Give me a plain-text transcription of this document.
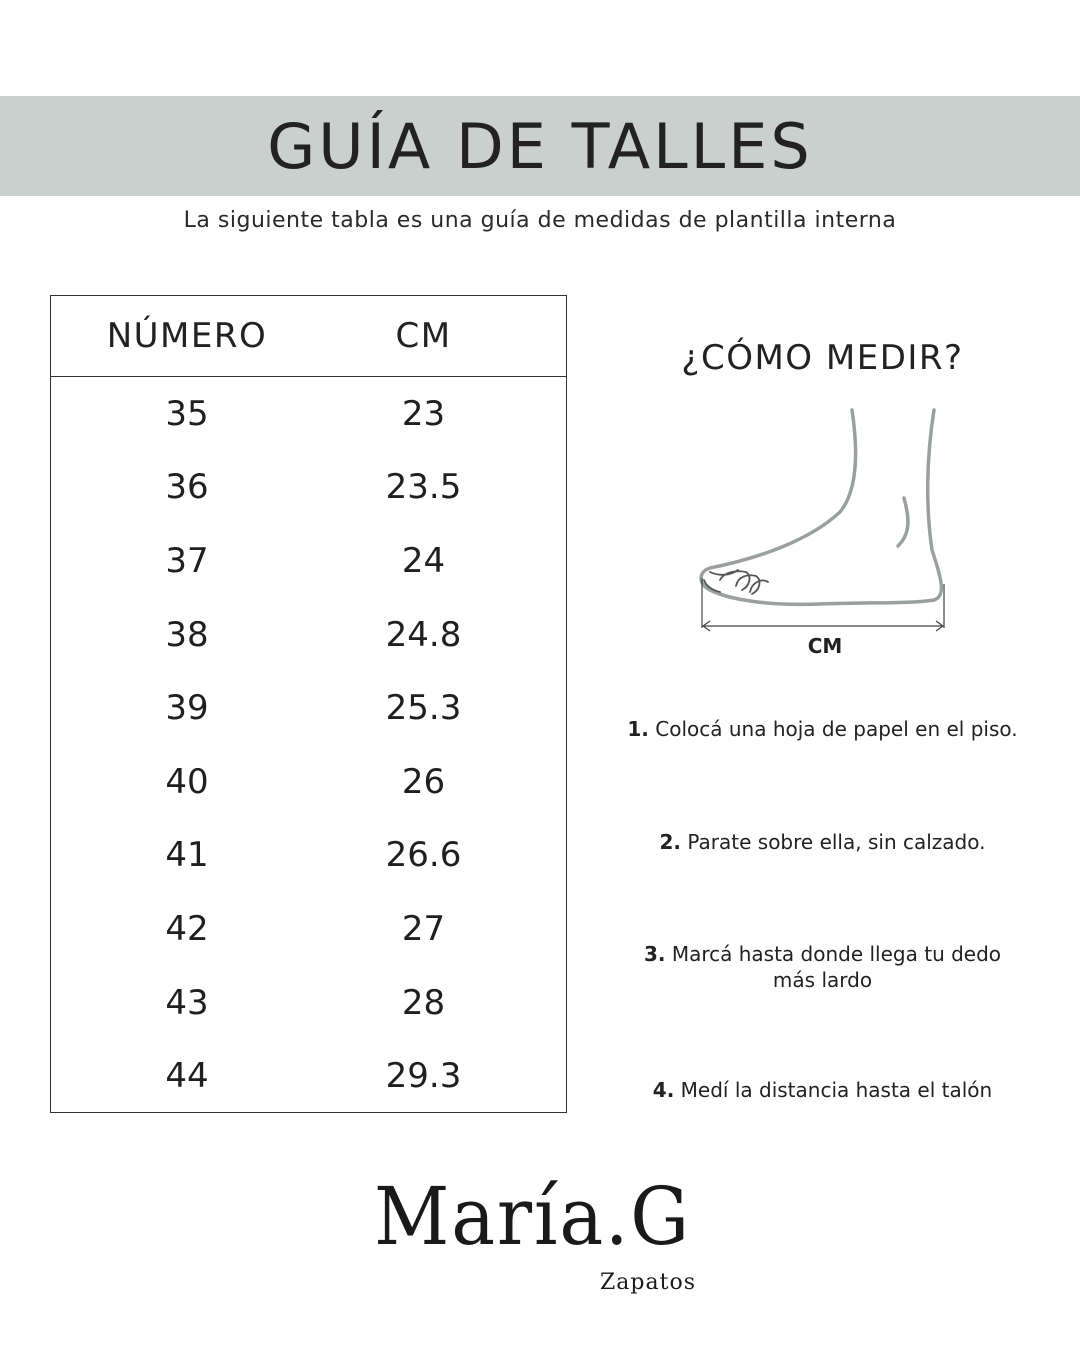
GUÍA DE TALLES
La siguiente tabla es una guía de medidas de plantilla interna
NÚMERO	CM
35	23
36	23.5
37	24
38	24.8
39	25.3
40	26
41	26.6
42	27
43	28
44	29.3
¿CÓMO MEDIR?
CM
1. Colocá una hoja de papel en el piso.
2. Parate sobre ella, sin calzado.
3. Marcá hasta donde llega tu dedo más lardo
4. Medí la distancia hasta el talón
María.G
Zapatos
